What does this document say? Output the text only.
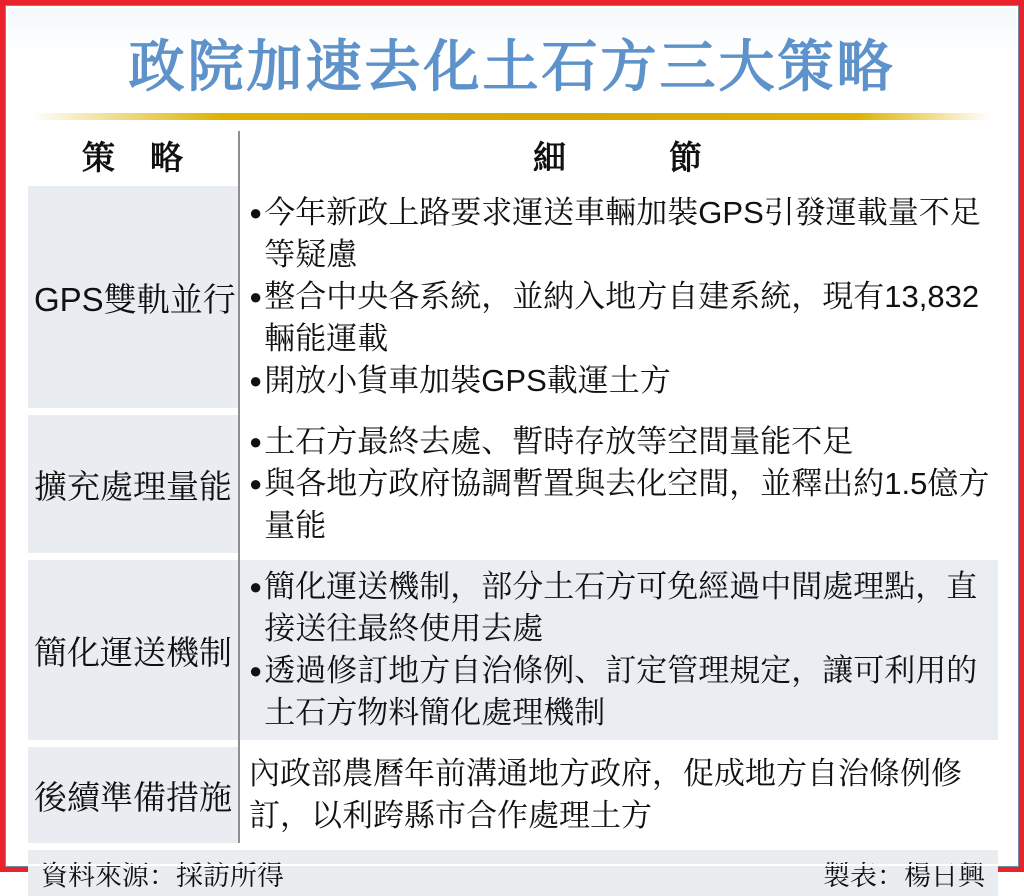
政院加速去化土石方三大策略
策　略	細　　　節
GPS雙軌並行
● 今年新政上路要求運送車輛加裝GPS引發運載量不足等疑慮
● 整合中央各系統，並納入地方自建系統，現有13,832輛能運載
● 開放小貨車加裝GPS載運土方
擴充處理量能
● 土石方最終去處、暫時存放等空間量能不足
● 與各地方政府協調暫置與去化空間，並釋出約1.5億方量能
簡化運送機制
● 簡化運送機制，部分土石方可免經過中間處理點，直接送往最終使用去處
● 透過修訂地方自治條例、訂定管理規定，讓可利用的土石方物料簡化處理機制
後續準備措施
內政部農曆年前溝通地方政府，促成地方自治條例修訂，以利跨縣市合作處理土方
資料來源：採訪所得	製表：楊日興
